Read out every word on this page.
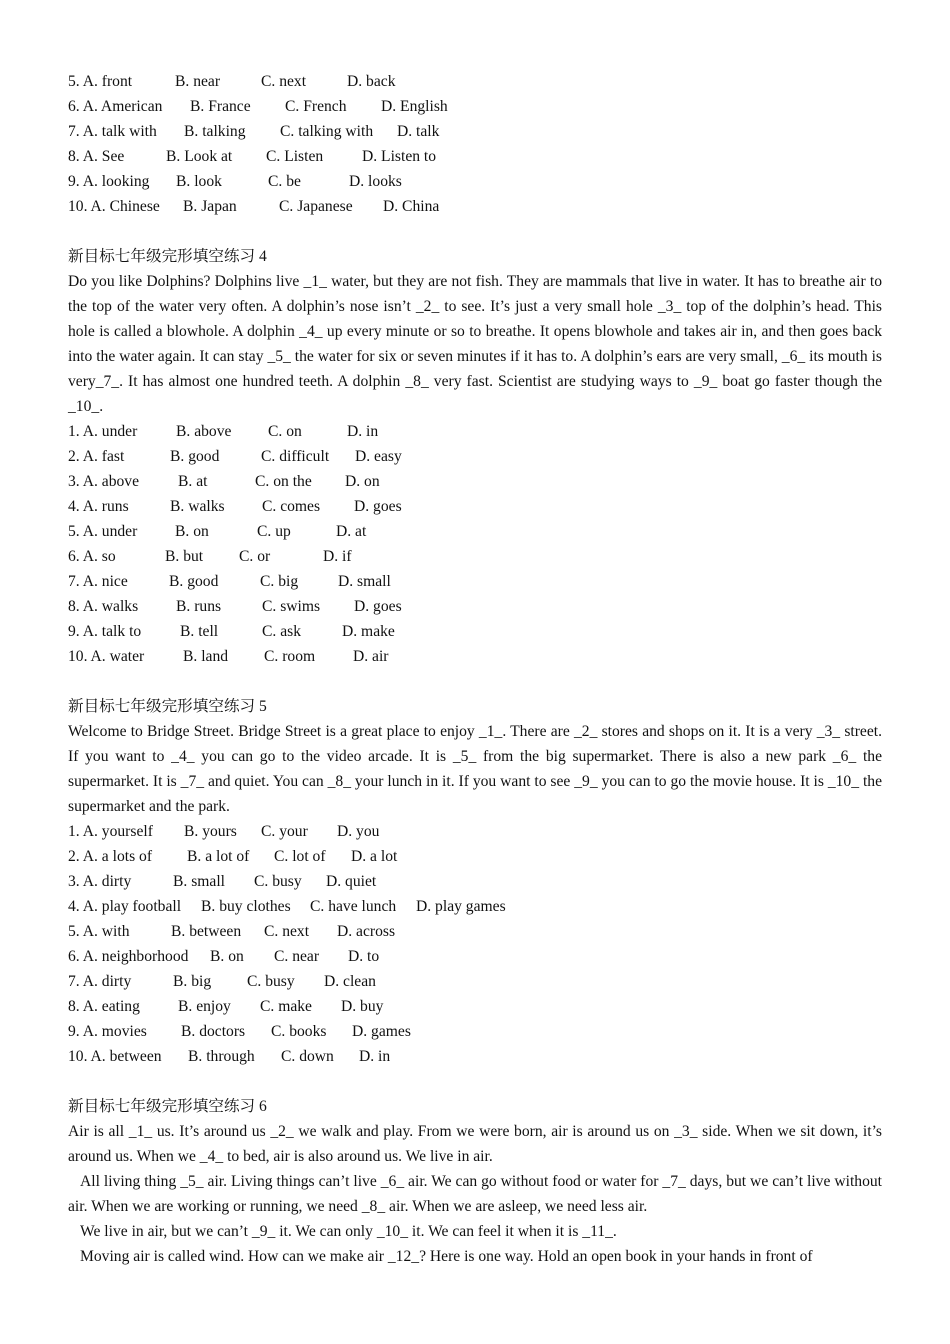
5. A. front	B. near	C. next	D. back
6. A. American B. France C. French D. English
7. A. talk with B. talking C. talking with D. talk
8. A. See	B. Look at C. Listen D. Listen to
9. A. looking B. look	C. be	D. looks
10. A. Chinese B. Japan	C. Japanese D. China
新目标七年级完形填空练习 4
Do you like Dolphins? Dolphins live _1_ water, but they are not fish. They are mammals that live in water. It has to breathe air to the top of the water very often. A dolphin’s nose isn’t _2_ to see. It’s just a very small hole _3_ top of the dolphin’s head. This hole is called a blowhole. A dolphin _4_ up every minute or so to breathe. It opens blowhole and takes air in, and then goes back into the water again. It can stay _5_ the water for six or seven minutes if it has to. A dolphin’s ears are very small, _6_ its mouth is very_7_. It has almost one hundred teeth. A dolphin _8_ very fast. Scientist are studying ways to _9_ boat go faster though the _10_.
1. A. under B. above C. on	D. in
2. A. fast	B. good	C. difficult D. easy
3. A. above B. at	C. on the D. on
4. A. runs	B. walks C. comes D. goes
5. A. under B. on	C. up	D. at
6. A. so	B. but C. or	D. if
7. A. nice	B. good	C. big	D. small
8. A. walks B. runs	C. swims D. goes
9. A. talk to B. tell	C. ask	D. make
10. A. water B. land C. room D. air
新目标七年级完形填空练习 5
Welcome to Bridge Street. Bridge Street is a great place to enjoy _1_. There are _2_ stores and shops on it. It is a very _3_ street. If you want to _4_ you can go to the video arcade. It is _5_ from the big supermarket. There is also a new park _6_ the supermarket. It is _7_ and quiet. You can _8_ your lunch in it. If you want to see _9_ you can to go the movie house. It is _10_ the supermarket and the park.
1. A. yourself B. yours C. your D. you
2. A. a lots of B. a lot of C. lot of D. a lot
3. A. dirty	B. small C. busy D. quiet
4. A. play football B. buy clothes C. have lunch D. play games
5. A. with	B. between C. next D. across
6. A. neighborhood B. on C. near D. to
7. A. dirty	B. big C. busy D. clean
8. A. eating B. enjoy C. make D. buy
9. A. movies B. doctors C. books D. games
10. A. between B. through C. down D. in
新目标七年级完形填空练习 6
Air is all _1_ us. It’s around us _2_ we walk and play. From we were born, air is around us on _3_ side. When we sit down, it’s around us. When we _4_ to bed, air is also around us. We live in air.
All living thing _5_ air. Living things can’t live _6_ air. We can go without food or water for _7_ days, but we can’t live without air. When we are working or running, we need _8_ air. When we are asleep, we need less air.
We live in air, but we can’t _9_ it. We can only _10_ it. We can feel it when it is _11_.
Moving air is called wind. How can we make air _12_? Here is one way. Hold an open book in your hands in front of
